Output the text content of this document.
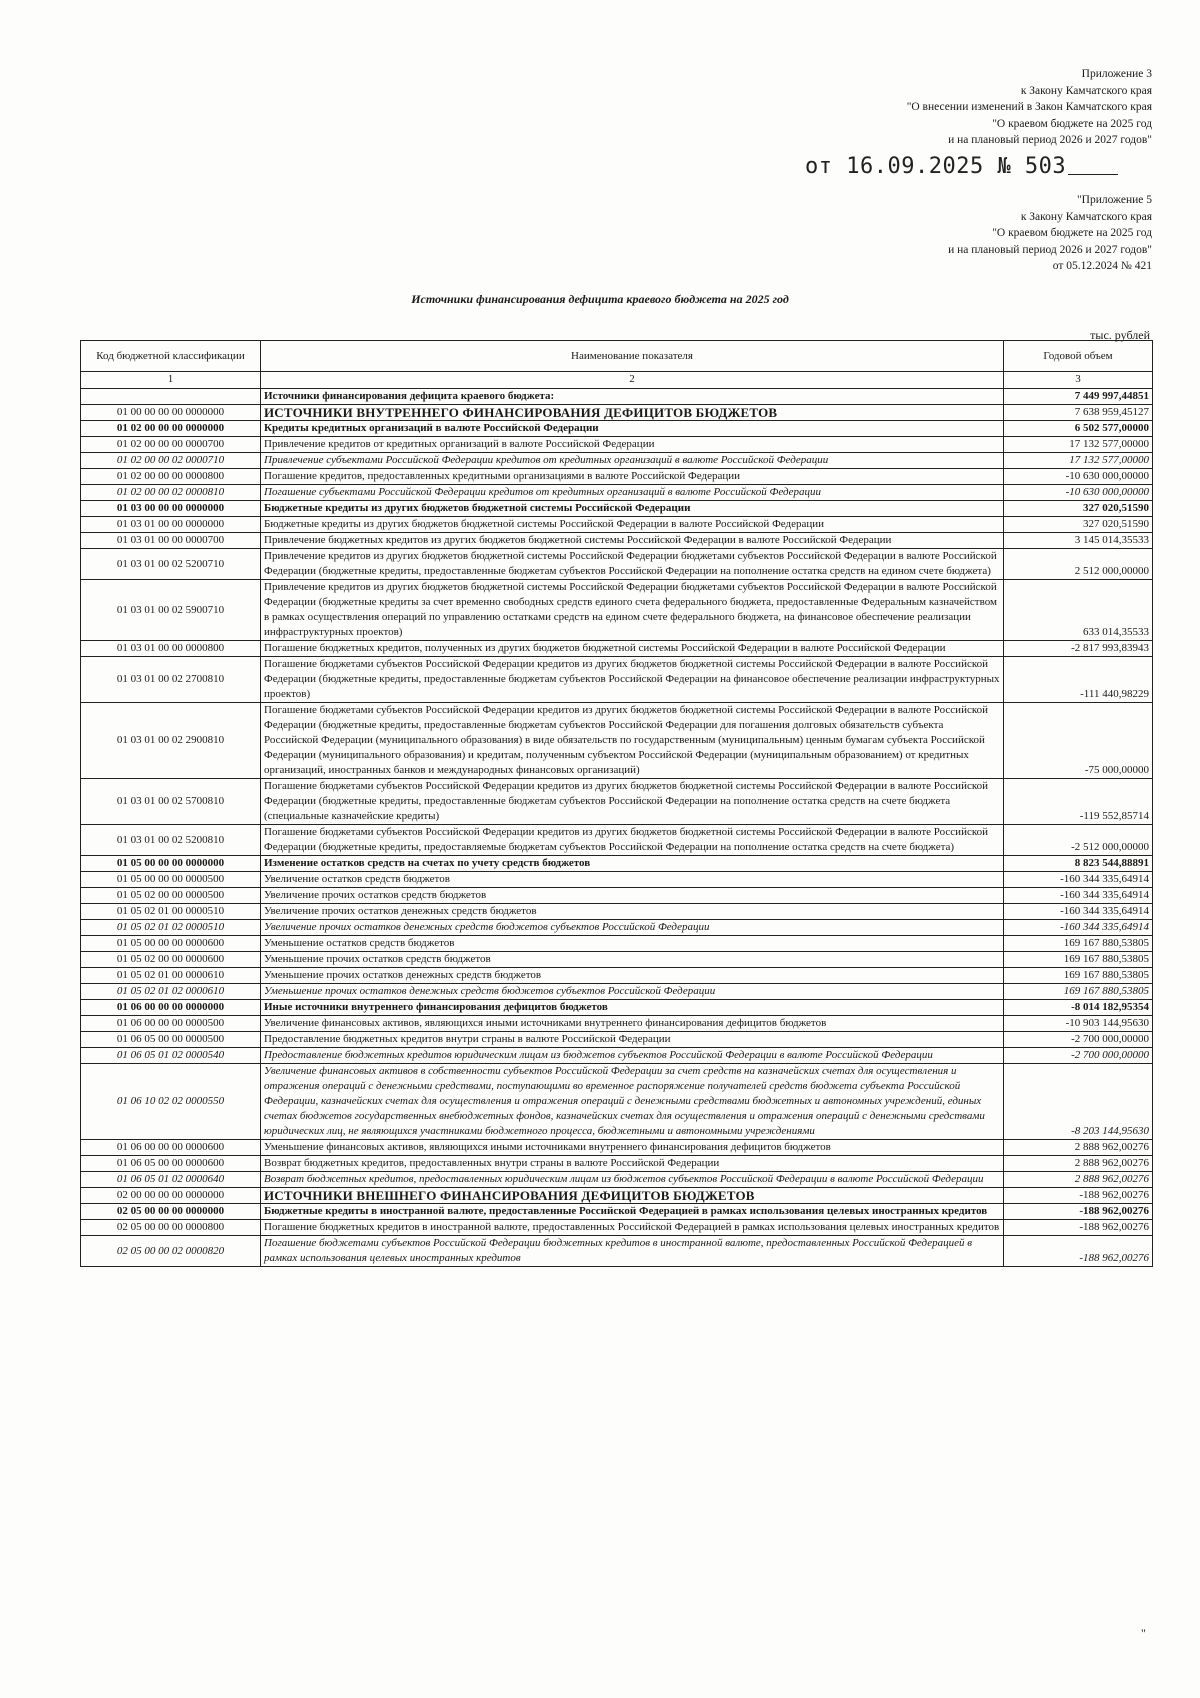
Приложение 3
к Закону Камчатского края
"О внесении изменений в Закон Камчатского края
"О краевом бюджете на 2025 год
и на плановый период 2026 и 2027 годов"
от 16.09.2025 № 503
"Приложение 5
к Закону Камчатского края
"О краевом бюджете на 2025 год
и на плановый период 2026 и 2027 годов"
от 05.12.2024 № 421
Источники финансирования дефицита краевого бюджета на 2025 год
тыс. рублей
Код бюджетной классификации	Наименование показателя	Годовой объем
1	2	3
	Источники финансирования дефицита краевого бюджета:	7 449 997,44851
01 00 00 00 00 0000000	ИСТОЧНИКИ ВНУТРЕННЕГО ФИНАНСИРОВАНИЯ ДЕФИЦИТОВ БЮДЖЕТОВ	7 638 959,45127
01 02 00 00 00 0000000	Кредиты кредитных организаций в валюте Российской Федерации	6 502 577,00000
01 02 00 00 00 0000700	Привлечение кредитов от кредитных организаций в валюте Российской Федерации	17 132 577,00000
01 02 00 00 02 0000710	Привлечение субъектами Российской Федерации кредитов от кредитных организаций в валюте Российской Федерации	17 132 577,00000
01 02 00 00 00 0000800	Погашение кредитов, предоставленных кредитными организациями в валюте Российской Федерации	-10 630 000,00000
01 02 00 00 02 0000810	Погашение субъектами Российской Федерации кредитов от кредитных организаций в валюте Российской Федерации	-10 630 000,00000
01 03 00 00 00 0000000	Бюджетные кредиты из других бюджетов бюджетной системы Российской Федерации	327 020,51590
01 03 01 00 00 0000000	Бюджетные кредиты из других бюджетов бюджетной системы Российской Федерации в валюте Российской Федерации	327 020,51590
01 03 01 00 00 0000700	Привлечение бюджетных кредитов из других бюджетов бюджетной системы Российской Федерации в валюте Российской Федерации	3 145 014,35533
01 03 01 00 02 5200710	Привлечение кредитов из других бюджетов бюджетной системы Российской Федерации бюджетами субъектов Российской Федерации в валюте Российской Федерации (бюджетные кредиты, предоставленные бюджетам субъектов Российской Федерации на пополнение остатка средств на едином счете бюджета)	2 512 000,00000
01 03 01 00 02 5900710	Привлечение кредитов из других бюджетов бюджетной системы Российской Федерации бюджетами субъектов Российской Федерации в валюте Российской Федерации (бюджетные кредиты за счет временно свободных средств единого счета федерального бюджета, предоставленные Федеральным казначейством в рамках осуществления операций по управлению остатками средств на едином счете федерального бюджета, на финансовое обеспечение реализации инфраструктурных проектов)	633 014,35533
01 03 01 00 00 0000800	Погашение бюджетных кредитов, полученных из других бюджетов бюджетной системы Российской Федерации в валюте Российской Федерации	-2 817 993,83943
01 03 01 00 02 2700810	Погашение бюджетами субъектов Российской Федерации кредитов из других бюджетов бюджетной системы Российской Федерации в валюте Российской Федерации (бюджетные кредиты, предоставленные бюджетам субъектов Российской Федерации на финансовое обеспечение реализации инфраструктурных проектов)	-111 440,98229
01 03 01 00 02 2900810	Погашение бюджетами субъектов Российской Федерации кредитов из других бюджетов бюджетной системы Российской Федерации в валюте Российской Федерации (бюджетные кредиты, предоставленные бюджетам субъектов Российской Федерации для погашения долговых обязательств субъекта Российской Федерации (муниципального образования) в виде обязательств по государственным (муниципальным) ценным бумагам субъекта Российской Федерации (муниципального образования) и кредитам, полученным субъектом Российской Федерации (муниципальным образованием) от кредитных организаций, иностранных банков и международных финансовых организаций)	-75 000,00000
01 03 01 00 02 5700810	Погашение бюджетами субъектов Российской Федерации кредитов из других бюджетов бюджетной системы Российской Федерации в валюте Российской Федерации (бюджетные кредиты, предоставленные бюджетам субъектов Российской Федерации на пополнение остатка средств на счете бюджета (специальные казначейские кредиты)	-119 552,85714
01 03 01 00 02 5200810	Погашение бюджетами субъектов Российской Федерации кредитов из других бюджетов бюджетной системы Российской Федерации в валюте Российской Федерации (бюджетные кредиты, предоставляемые бюджетам субъектов Российской Федерации на пополнение остатка средств на счете бюджета)	-2 512 000,00000
01 05 00 00 00 0000000	Изменение остатков средств на счетах по учету средств бюджетов	8 823 544,88891
01 05 00 00 00 0000500	Увеличение остатков средств бюджетов	-160 344 335,64914
01 05 02 00 00 0000500	Увеличение прочих остатков средств бюджетов	-160 344 335,64914
01 05 02 01 00 0000510	Увеличение прочих остатков денежных средств бюджетов	-160 344 335,64914
01 05 02 01 02 0000510	Увеличение прочих остатков денежных средств бюджетов субъектов Российской Федерации	-160 344 335,64914
01 05 00 00 00 0000600	Уменьшение остатков средств бюджетов	169 167 880,53805
01 05 02 00 00 0000600	Уменьшение прочих остатков средств бюджетов	169 167 880,53805
01 05 02 01 00 0000610	Уменьшение прочих остатков денежных средств бюджетов	169 167 880,53805
01 05 02 01 02 0000610	Уменьшение прочих остатков денежных средств бюджетов субъектов Российской Федерации	169 167 880,53805
01 06 00 00 00 0000000	Иные источники внутреннего финансирования дефицитов бюджетов	-8 014 182,95354
01 06 00 00 00 0000500	Увеличение финансовых активов, являющихся иными источниками внутреннего финансирования дефицитов бюджетов	-10 903 144,95630
01 06 05 00 00 0000500	Предоставление бюджетных кредитов внутри страны в валюте Российской Федерации	-2 700 000,00000
01 06 05 01 02 0000540	Предоставление бюджетных кредитов юридическим лицам из бюджетов субъектов Российской Федерации в валюте Российской Федерации	-2 700 000,00000
01 06 10 02 02 0000550	Увеличение финансовых активов в собственности субъектов Российской Федерации за счет средств на казначейских счетах для осуществления и отражения операций с денежными средствами, поступающими во временное распоряжение получателей средств бюджета субъекта Российской Федерации, казначейских счетах для осуществления и отражения операций с денежными средствами бюджетных и автономных учреждений, единых счетах бюджетов государственных внебюджетных фондов, казначейских счетах для осуществления и отражения операций с денежными средствами юридических лиц, не являющихся участниками бюджетного процесса, бюджетными и автономными учреждениями	-8 203 144,95630
01 06 00 00 00 0000600	Уменьшение финансовых активов, являющихся иными источниками внутреннего финансирования дефицитов бюджетов	2 888 962,00276
01 06 05 00 00 0000600	Возврат бюджетных кредитов, предоставленных внутри страны в валюте Российской Федерации	2 888 962,00276
01 06 05 01 02 0000640	Возврат бюджетных кредитов, предоставленных юридическим лицам из бюджетов субъектов Российской Федерации в валюте Российской Федерации	2 888 962,00276
02 00 00 00 00 0000000	ИСТОЧНИКИ ВНЕШНЕГО ФИНАНСИРОВАНИЯ ДЕФИЦИТОВ БЮДЖЕТОВ	-188 962,00276
02 05 00 00 00 0000000	Бюджетные кредиты в иностранной валюте, предоставленные Российской Федерацией в рамках использования целевых иностранных кредитов	-188 962,00276
02 05 00 00 00 0000800	Погашение бюджетных кредитов в иностранной валюте, предоставленных Российской Федерацией в рамках использования целевых иностранных кредитов	-188 962,00276
02 05 00 00 02 0000820	Погашение бюджетами субъектов Российской Федерации бюджетных кредитов в иностранной валюте, предоставленных Российской Федерацией в рамках использования целевых иностранных кредитов	-188 962,00276
"
